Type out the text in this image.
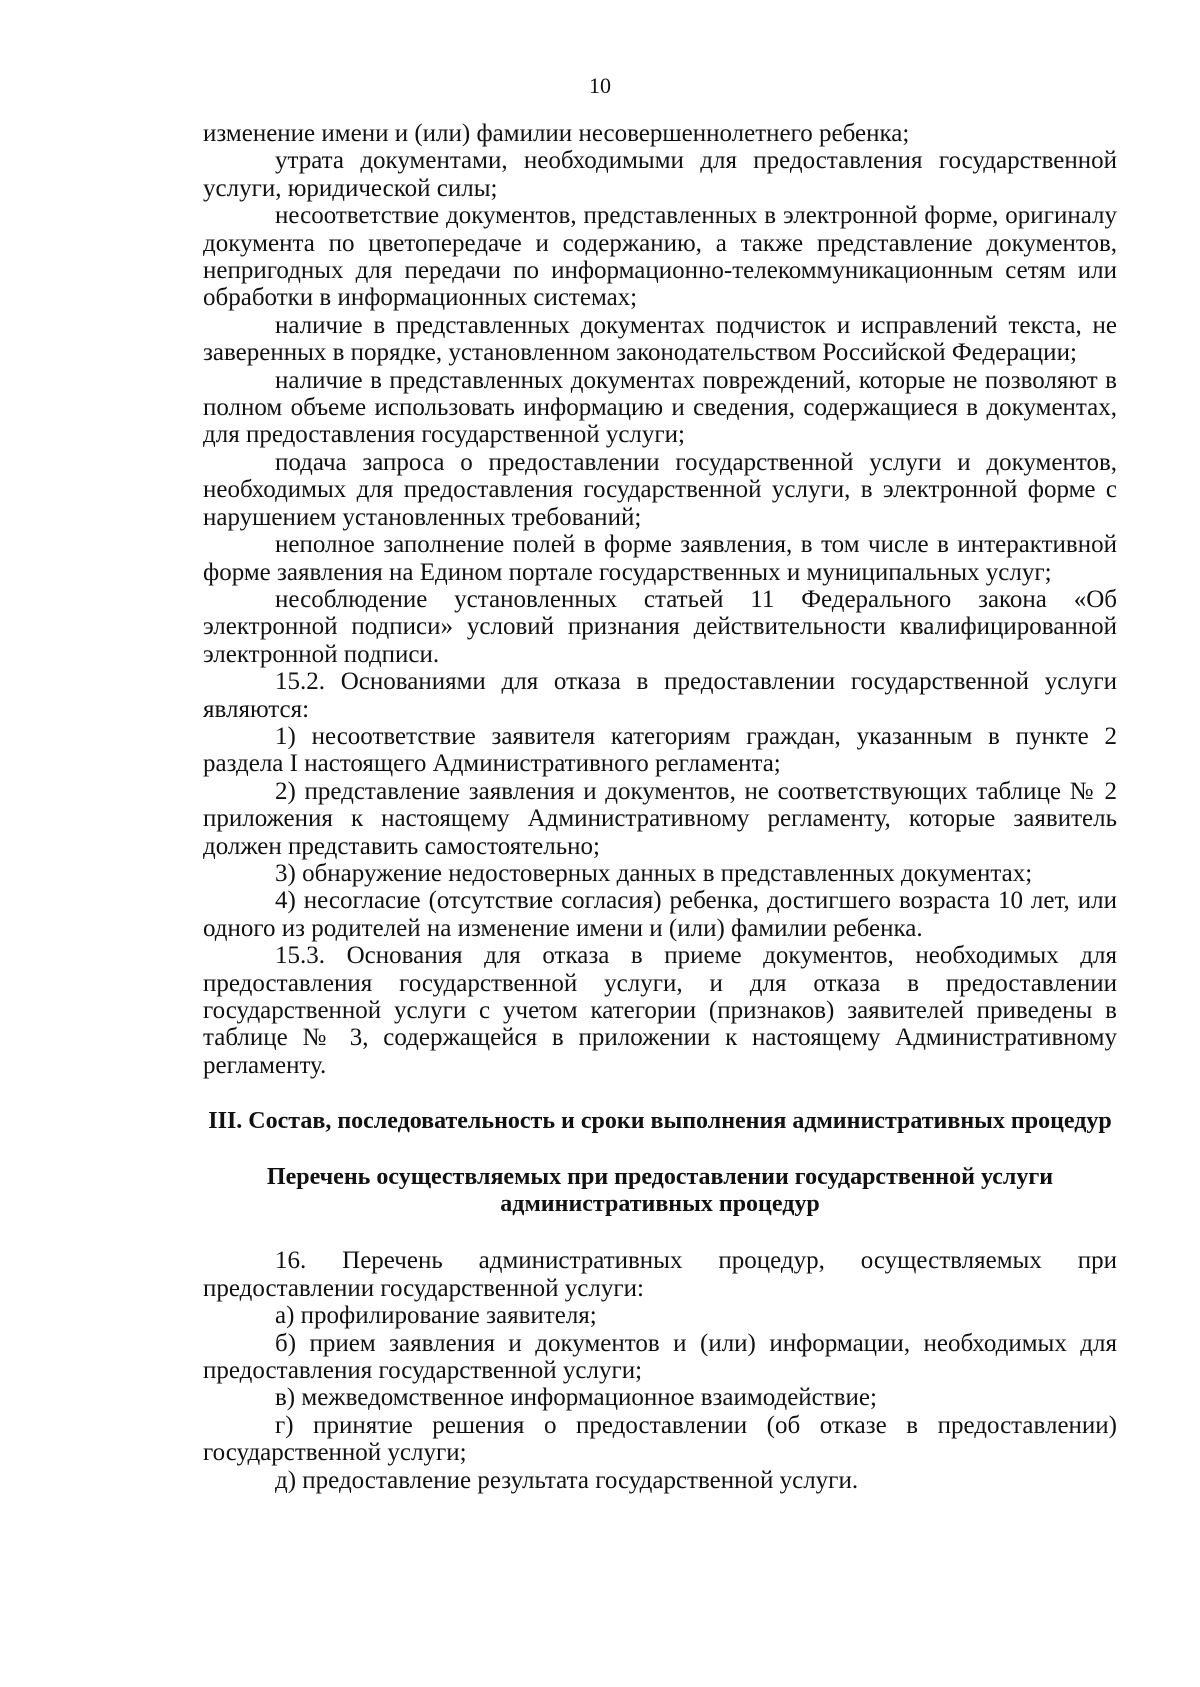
10

изменение имени и (или) фамилии несовершеннолетнего ребенка;

утрата документами, необходимыми для предоставления государственной услуги, юридической силы;

несоответствие документов, представленных в электронной форме, оригиналу документа по цветопередаче и содержанию, а также представление документов, непригодных для передачи по информационно-телекоммуникационным сетям или обработки в информационных системах;

наличие в представленных документах подчисток и исправлений текста, не заверенных в порядке, установленном законодательством Российской Федерации;

наличие в представленных документах повреждений, которые не позволяют в полном объеме использовать информацию и сведения, содержащиеся в документах, для предоставления государственной услуги;

подача запроса о предоставлении государственной услуги и документов, необходимых для предоставления государственной услуги, в электронной форме с нарушением установленных требований;

неполное заполнение полей в форме заявления, в том числе в интерактивной форме заявления на Едином портале государственных и муниципальных услуг;

несоблюдение установленных статьей 11 Федерального закона «Об электронной подписи» условий признания действительности квалифицированной электронной подписи.

15.2. Основаниями для отказа в предоставлении государственной услуги являются:

1) несоответствие заявителя категориям граждан, указанным в пункте 2 раздела I настоящего Административного регламента;

2) представление заявления и документов, не соответствующих таблице № 2 приложения к настоящему Административному регламенту, которые заявитель должен представить самостоятельно;

3) обнаружение недостоверных данных в представленных документах;

4) несогласие (отсутствие согласия) ребенка, достигшего возраста 10 лет, или одного из родителей на изменение имени и (или) фамилии ребенка.

15.3. Основания для отказа в приеме документов, необходимых для предоставления государственной услуги, и для отказа в предоставлении государственной услуги с учетом категории (признаков) заявителей приведены в таблице № 3, содержащейся в приложении к настоящему Административному регламенту.

III. Состав, последовательность и сроки выполнения административных процедур
Перечень осуществляемых при предоставлении государственной услуги административных процедур

16. Перечень административных процедур, осуществляемых при предоставлении государственной услуги:

а) профилирование заявителя;

б) прием заявления и документов и (или) информации, необходимых для предоставления государственной услуги;

в) межведомственное информационное взаимодействие;

г) принятие решения о предоставлении (об отказе в предоставлении) государственной услуги;

д) предоставление результата государственной услуги.
